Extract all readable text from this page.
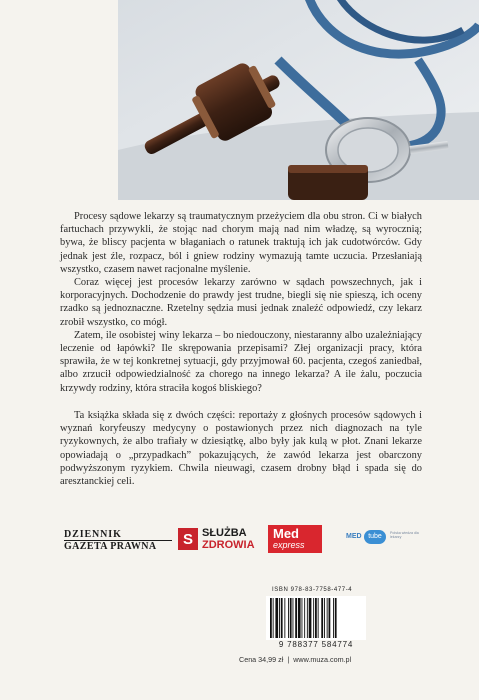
Procesy sądowe lekarzy są traumatycznym przeżyciem dla obu stron. Ci w białych fartuchach przywykli, że stojąc nad chorym mają nad nim władzę, są wyrocznią; bywa, że bliscy pacjenta w błaganiach o ratunek traktują ich jak cudotwórców. Gdy jednak jest źle, rozpacz, ból i gniew rodziny wymazują tamte uczucia. Przesłaniają wszystko, czasem nawet racjonalne myślenie.

Coraz więcej jest procesów lekarzy zarówno w sądach powszechnych, jak i korporacyjnych. Dochodzenie do prawdy jest trudne, biegli się nie spieszą, ich oceny rzadko są jednoznaczne. Rzetelny sędzia musi jednak znaleźć odpowiedź, czy lekarz zrobił wszystko, co mógł.

Zatem, ile osobistej winy lekarza – bo niedouczony, niestaranny albo uzależniający leczenie od łapówki? Ile skrępowania przepisami? Złej organizacji pracy, która sprawiła, że w tej konkretnej sytuacji, gdy przyjmował 60. pacjenta, czegoś zaniedbał, albo zrzucił odpowiedzialność za chorego na innego lekarza? A ile żalu, poczucia krzywdy rodziny, która straciła kogoś bliskiego?

Ta książka składa się z dwóch części: reportaży z głośnych procesów sądowych i wyznań koryfeuszy medycyny o postawionych przez nich diagnozach na tyle ryzykownych, że albo trafiały w dziesiątkę, albo były jak kulą w płot. Znani lekarze opowiadają o „przypadkach” pokazujących, że zawód lekarza jest obarczony podwyższonym ryzykiem. Chwila nieuwagi, czasem drobny błąd i spada się do aresztanckiej celi.

DZIENNIK
GAZETA PRAWNA	S SŁUŻBA
ZDROWIA
Med
express
MED tube	Polska wiedza dla lekarzy
ISBN 978-83-7758-477-4
9 788377 584774
Cena 34,99 zł | www.muza.com.pl
